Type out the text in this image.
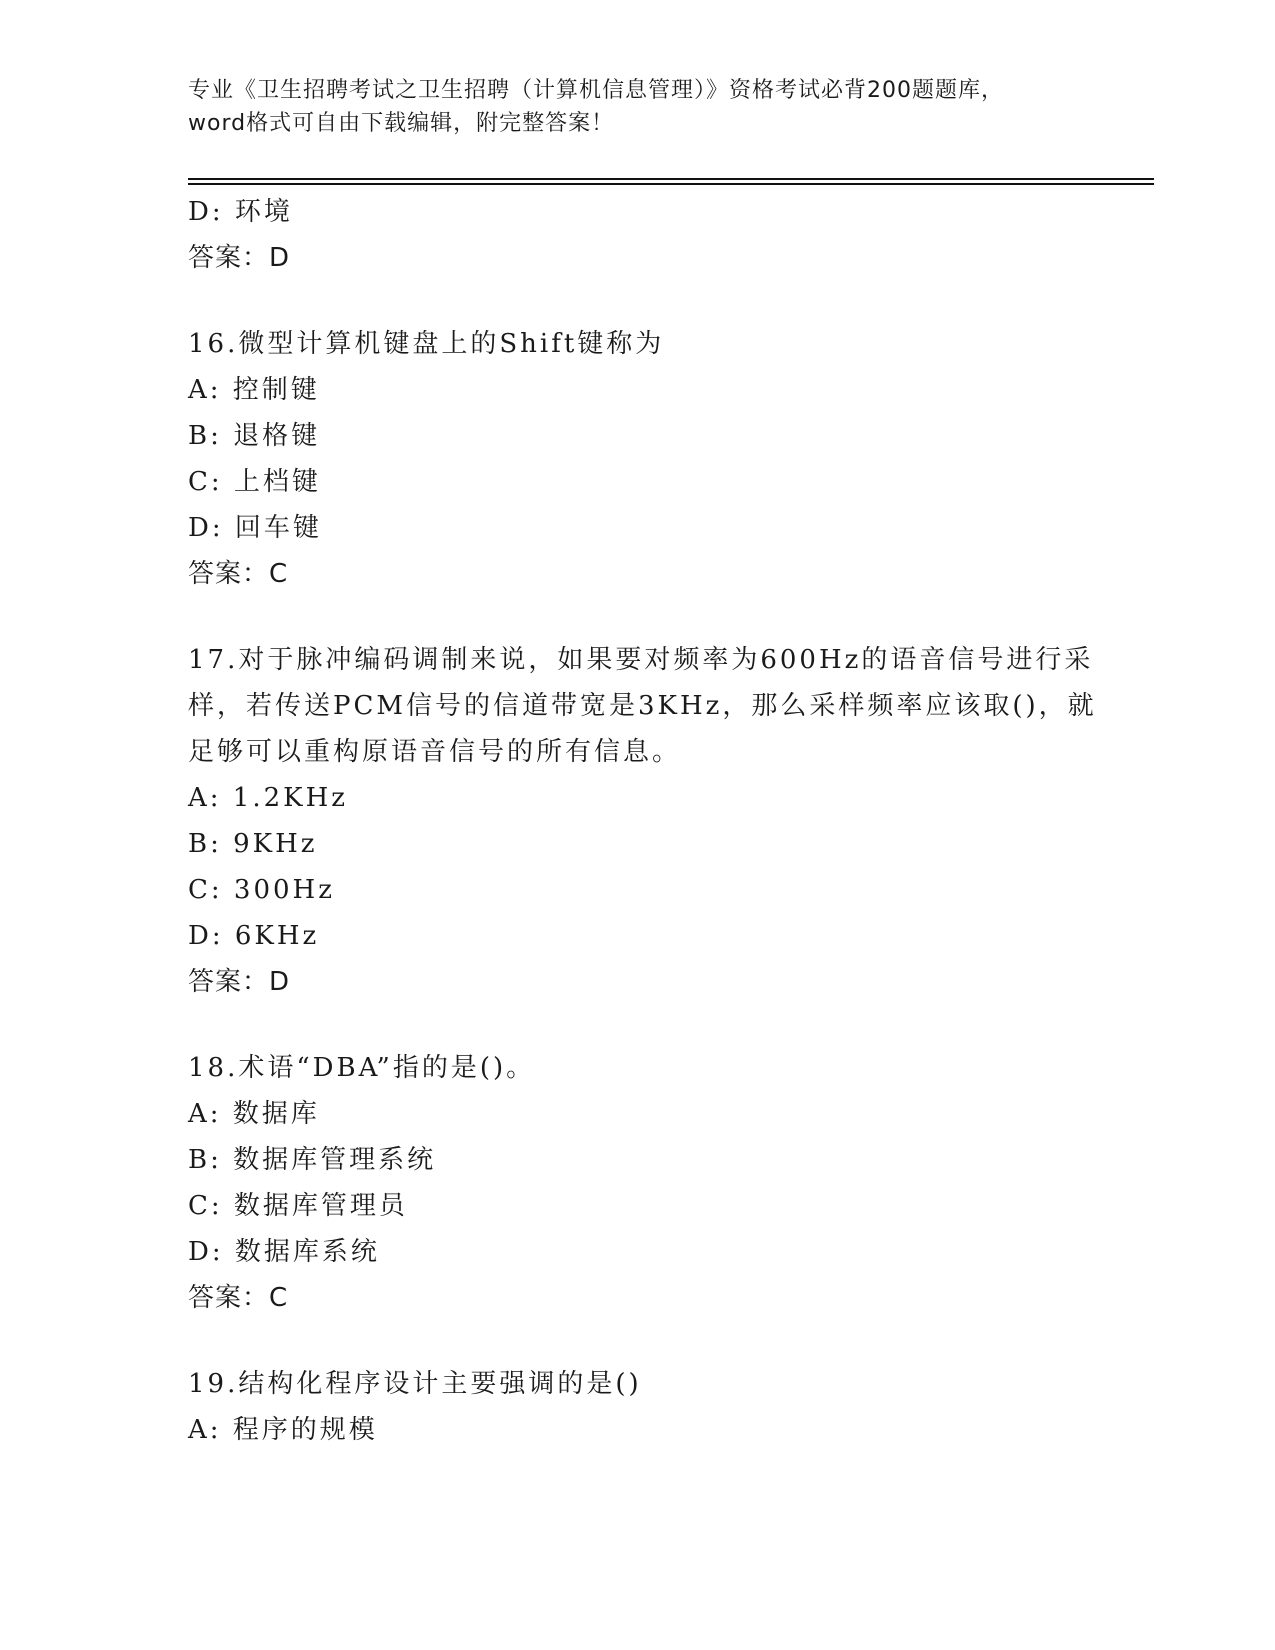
专业《卫生招聘考试之卫生招聘（计算机信息管理）》资格考试必背200题题库，
word格式可自由下载编辑，附完整答案！
D: 环境
答案：D
16.微型计算机键盘上的Shift键称为
A: 控制键
B: 退格键
C: 上档键
D: 回车键
答案：C
17.对于脉冲编码调制来说，如果要对频率为600Hz的语音信号进行采
样，若传送PCM信号的信道带宽是3KHz，那么采样频率应该取()，就
足够可以重构原语音信号的所有信息。
A: 1.2KHz
B: 9KHz
C: 300Hz
D: 6KHz
答案：D
18.术语“DBA”指的是()。
A: 数据库
B: 数据库管理系统
C: 数据库管理员
D: 数据库系统
答案：C
19.结构化程序设计主要强调的是()
A: 程序的规模
